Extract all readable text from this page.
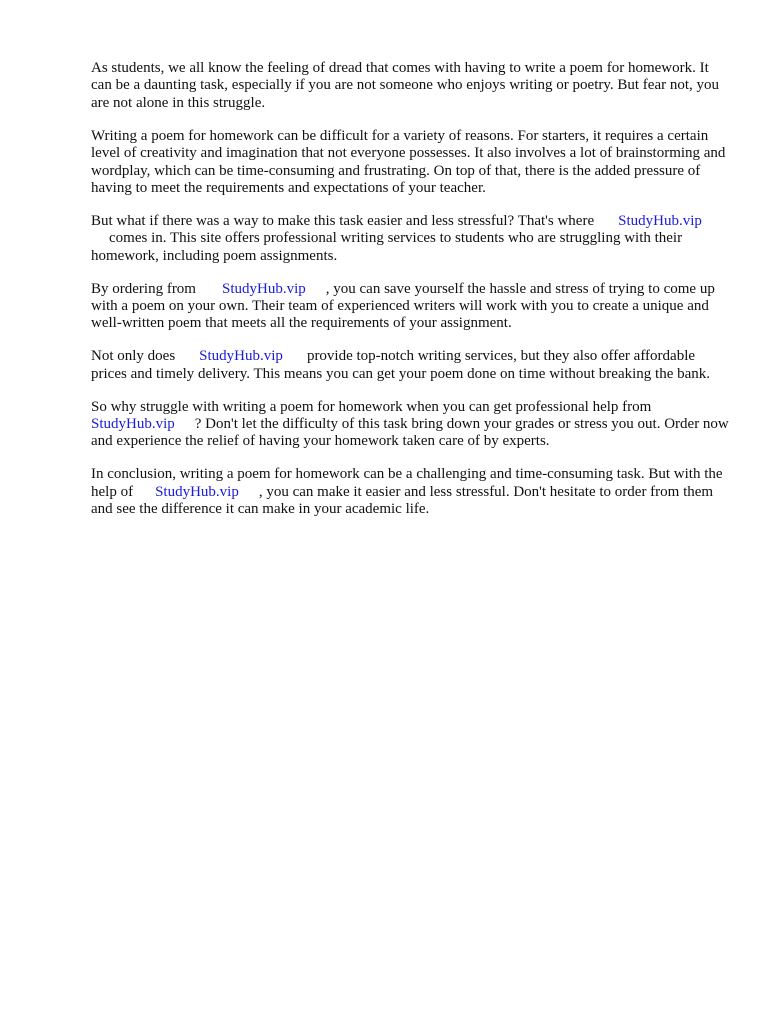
As students, we all know the feeling of dread that comes with having to write a poem for homework. It can be a daunting task, especially if you are not someone who enjoys writing or poetry. But fear not, you are not alone in this struggle.

Writing a poem for homework can be difficult for a variety of reasons. For starters, it requires a certain level of creativity and imagination that not everyone possesses. It also involves a lot of brainstorming and wordplay, which can be time-consuming and frustrating. On top of that, there is the added pressure of having to meet the requirements and expectations of your teacher.

But what if there was a way to make this task easier and less stressful? That's where StudyHub.vip
comes in. This site offers professional writing services to students who are struggling with their homework, including poem assignments.

By ordering from StudyHub.vip , you can save yourself the hassle and stress of trying to come up with a poem on your own. Their team of experienced writers will work with you to create a unique and well-written poem that meets all the requirements of your assignment.

Not only does StudyHub.vip provide top-notch writing services, but they also offer affordable prices and timely delivery. This means you can get your poem done on time without breaking the bank.

So why struggle with writing a poem for homework when you can get professional help from
StudyHub.vip ? Don't let the difficulty of this task bring down your grades or stress you out. Order now and experience the relief of having your homework taken care of by experts.

In conclusion, writing a poem for homework can be a challenging and time-consuming task. But with the help of StudyHub.vip , you can make it easier and less stressful. Don't hesitate to order from them and see the difference it can make in your academic life.
